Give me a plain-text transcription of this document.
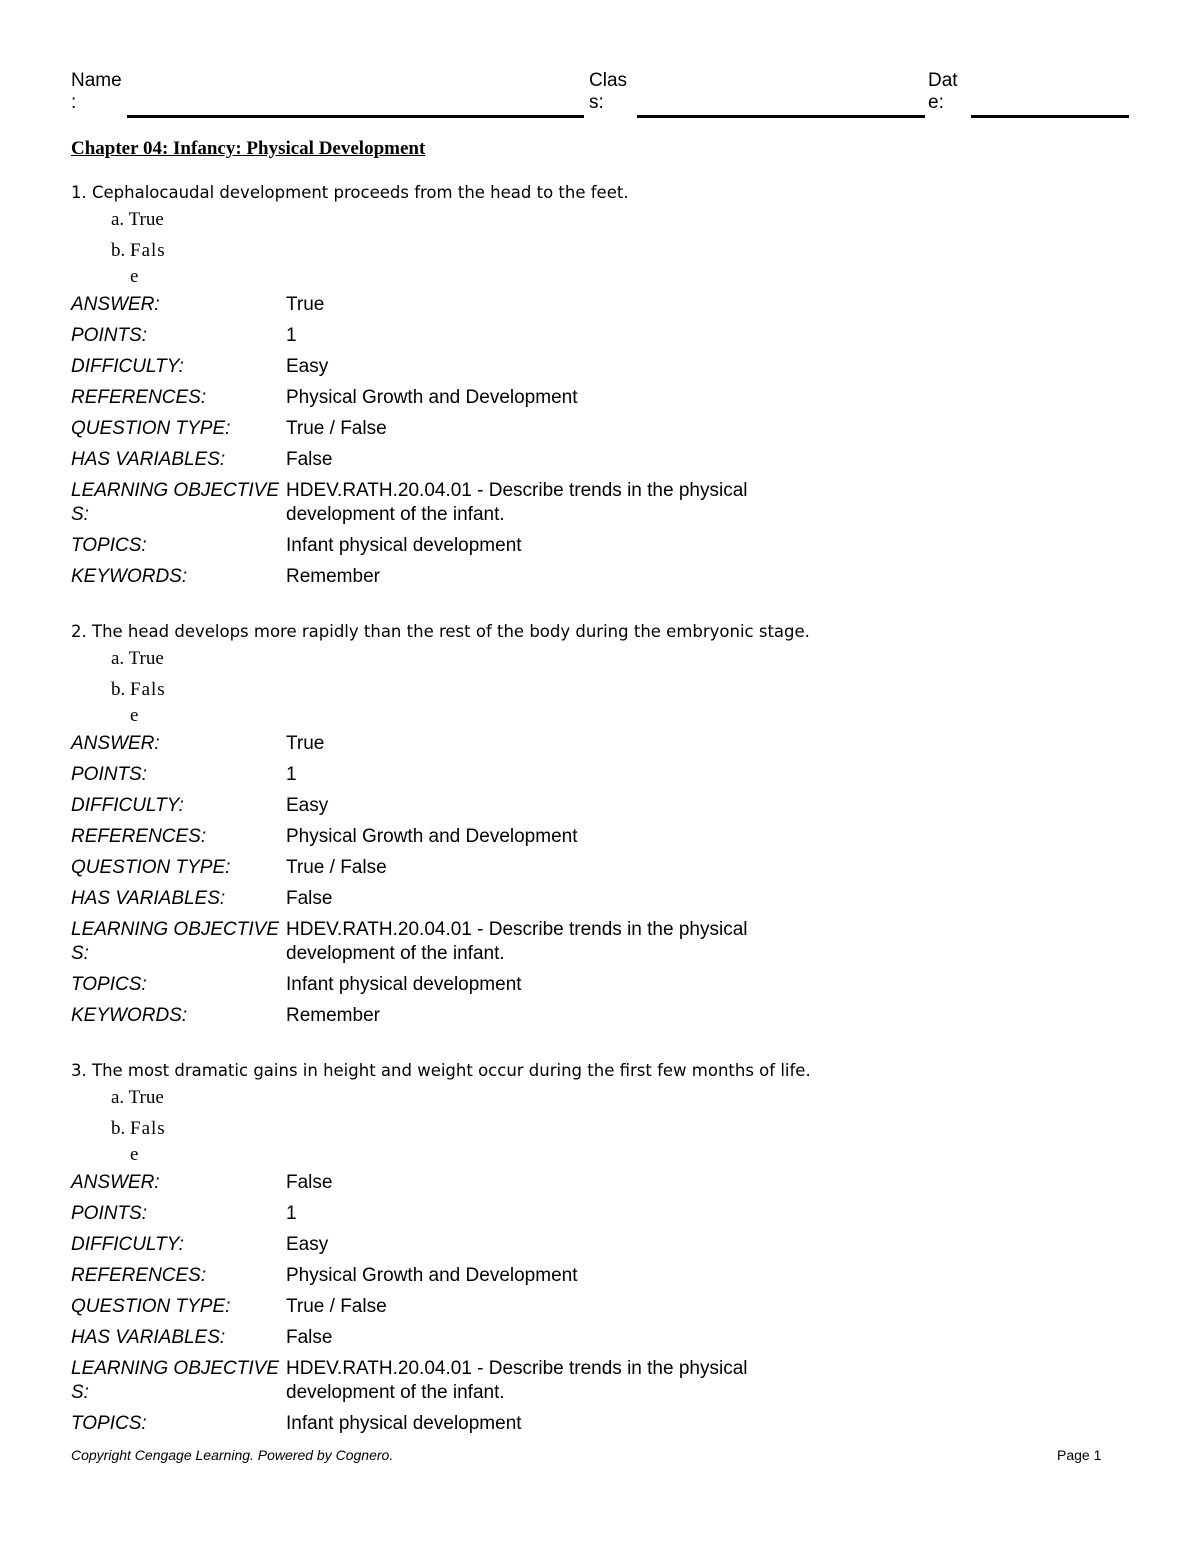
Name
:
Clas
s:
Dat
e:
Chapter 04: Infancy: Physical Development
1. Cephalocaudal development proceeds from the head to the feet.
a. True
b. False
ANSWER:	True
POINTS:	1
DIFFICULTY:	Easy
REFERENCES:	Physical Growth and Development
QUESTION TYPE:	True / False
HAS VARIABLES:	False
LEARNING OBJECTIVES:
HDEV.RATH.20.04.01 - Describe trends in the physical development of the infant.
TOPICS:	Infant physical development
KEYWORDS:	Remember
2. The head develops more rapidly than the rest of the body during the embryonic stage.
a. True
b. False
ANSWER:	True
POINTS:	1
DIFFICULTY:	Easy
REFERENCES:	Physical Growth and Development
QUESTION TYPE:	True / False
HAS VARIABLES:	False
LEARNING OBJECTIVES:
HDEV.RATH.20.04.01 - Describe trends in the physical development of the infant.
TOPICS:	Infant physical development
KEYWORDS:	Remember
3. The most dramatic gains in height and weight occur during the first few months of life.
a. True
b. False
ANSWER:	False
POINTS:	1
DIFFICULTY:	Easy
REFERENCES:	Physical Growth and Development
QUESTION TYPE:	True / False
HAS VARIABLES:	False
LEARNING OBJECTIVES:
HDEV.RATH.20.04.01 - Describe trends in the physical development of the infant.
TOPICS:	Infant physical development
Copyright Cengage Learning. Powered by Cognero.	Page 1
